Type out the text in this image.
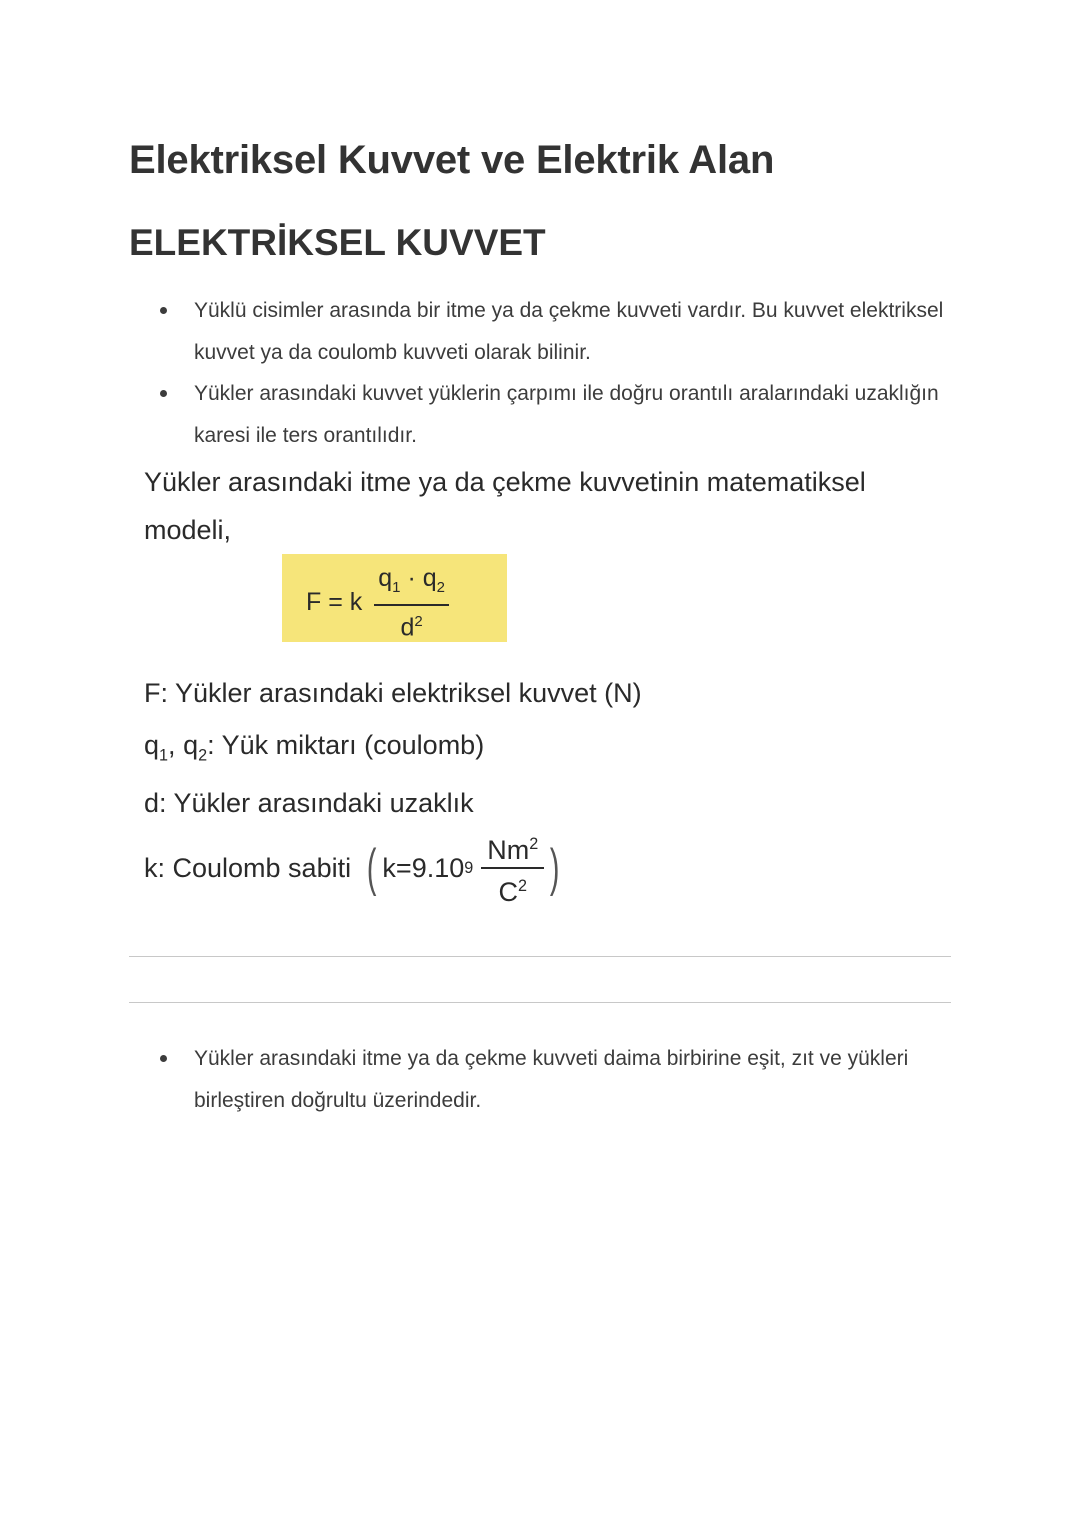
Elektriksel Kuvvet ve Elektrik Alan
ELEKTRİKSEL KUVVET
Yüklü cisimler arasında bir itme ya da çekme kuvveti vardır. Bu kuvvet elektriksel kuvvet ya da coulomb kuvveti olarak bilinir.
Yükler arasındaki kuvvet yüklerin çarpımı ile doğru orantılı aralarındaki uzaklığın karesi ile ters orantılıdır.

Yükler arasındaki itme ya da çekme kuvvetinin matematiksel modeli,

F = k $\frac{q_1 \cdot q_2}{d^2}$

F: Yükler arasındaki elektriksel kuvvet (N)

$q_1$, $q_2$: Yük miktarı (coulomb)

d: Yükler arasındaki uzaklık

k: Coulomb sabiti ( k=9.10 $9 \frac{Nm^2}{C^2}$ )
Yükler arasındaki itme ya da çekme kuvveti daima birbirine eşit, zıt ve yükleri birleştiren doğrultu üzerindedir.
